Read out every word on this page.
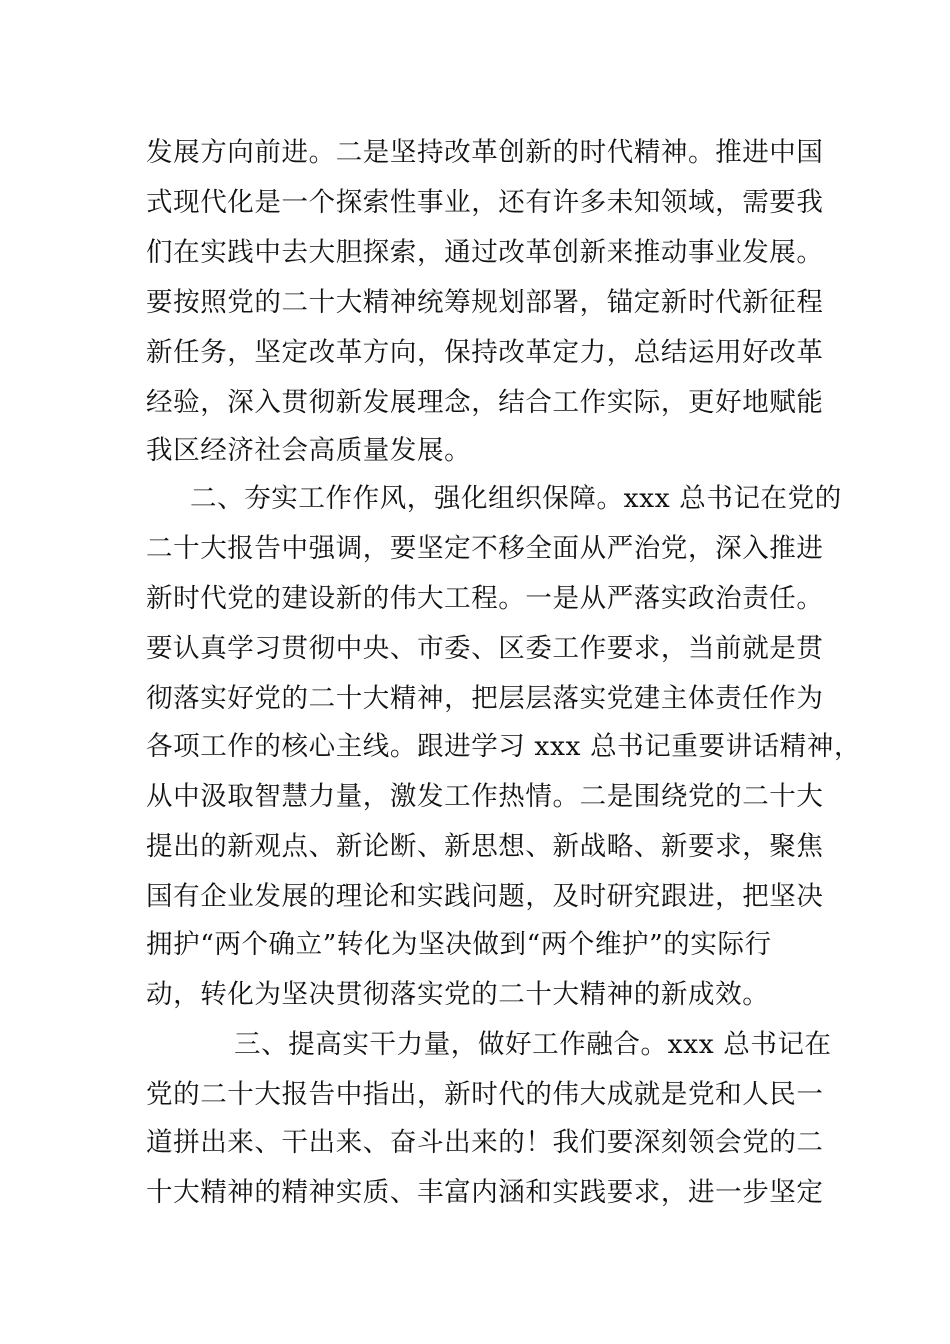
发展方向前进。二是坚持改革创新的时代精神。推进中国
式现代化是一个探索性事业，还有许多未知领域，需要我
们在实践中去大胆探索，通过改革创新来推动事业发展。
要按照党的二十大精神统筹规划部署，锚定新时代新征程
新任务，坚定改革方向，保持改革定力，总结运用好改革
经验，深入贯彻新发展理念，结合工作实际，更好地赋能
我区经济社会高质量发展。
二、夯实工作作风，强化组织保障。xxx 总书记在党的
二十大报告中强调，要坚定不移全面从严治党，深入推进
新时代党的建设新的伟大工程。一是从严落实政治责任。
要认真学习贯彻中央、市委、区委工作要求，当前就是贯
彻落实好党的二十大精神，把层层落实党建主体责任作为
各项工作的核心主线。跟进学习 xxx 总书记重要讲话精神，
从中汲取智慧力量，激发工作热情。二是围绕党的二十大
提出的新观点、新论断、新思想、新战略、新要求，聚焦
国有企业发展的理论和实践问题，及时研究跟进，把坚决
拥护“两个确立”转化为坚决做到“两个维护”的实际行
动，转化为坚决贯彻落实党的二十大精神的新成效。
三、提高实干力量，做好工作融合。xxx 总书记在
党的二十大报告中指出，新时代的伟大成就是党和人民一
道拼出来、干出来、奋斗出来的！我们要深刻领会党的二
十大精神的精神实质、丰富内涵和实践要求，进一步坚定
